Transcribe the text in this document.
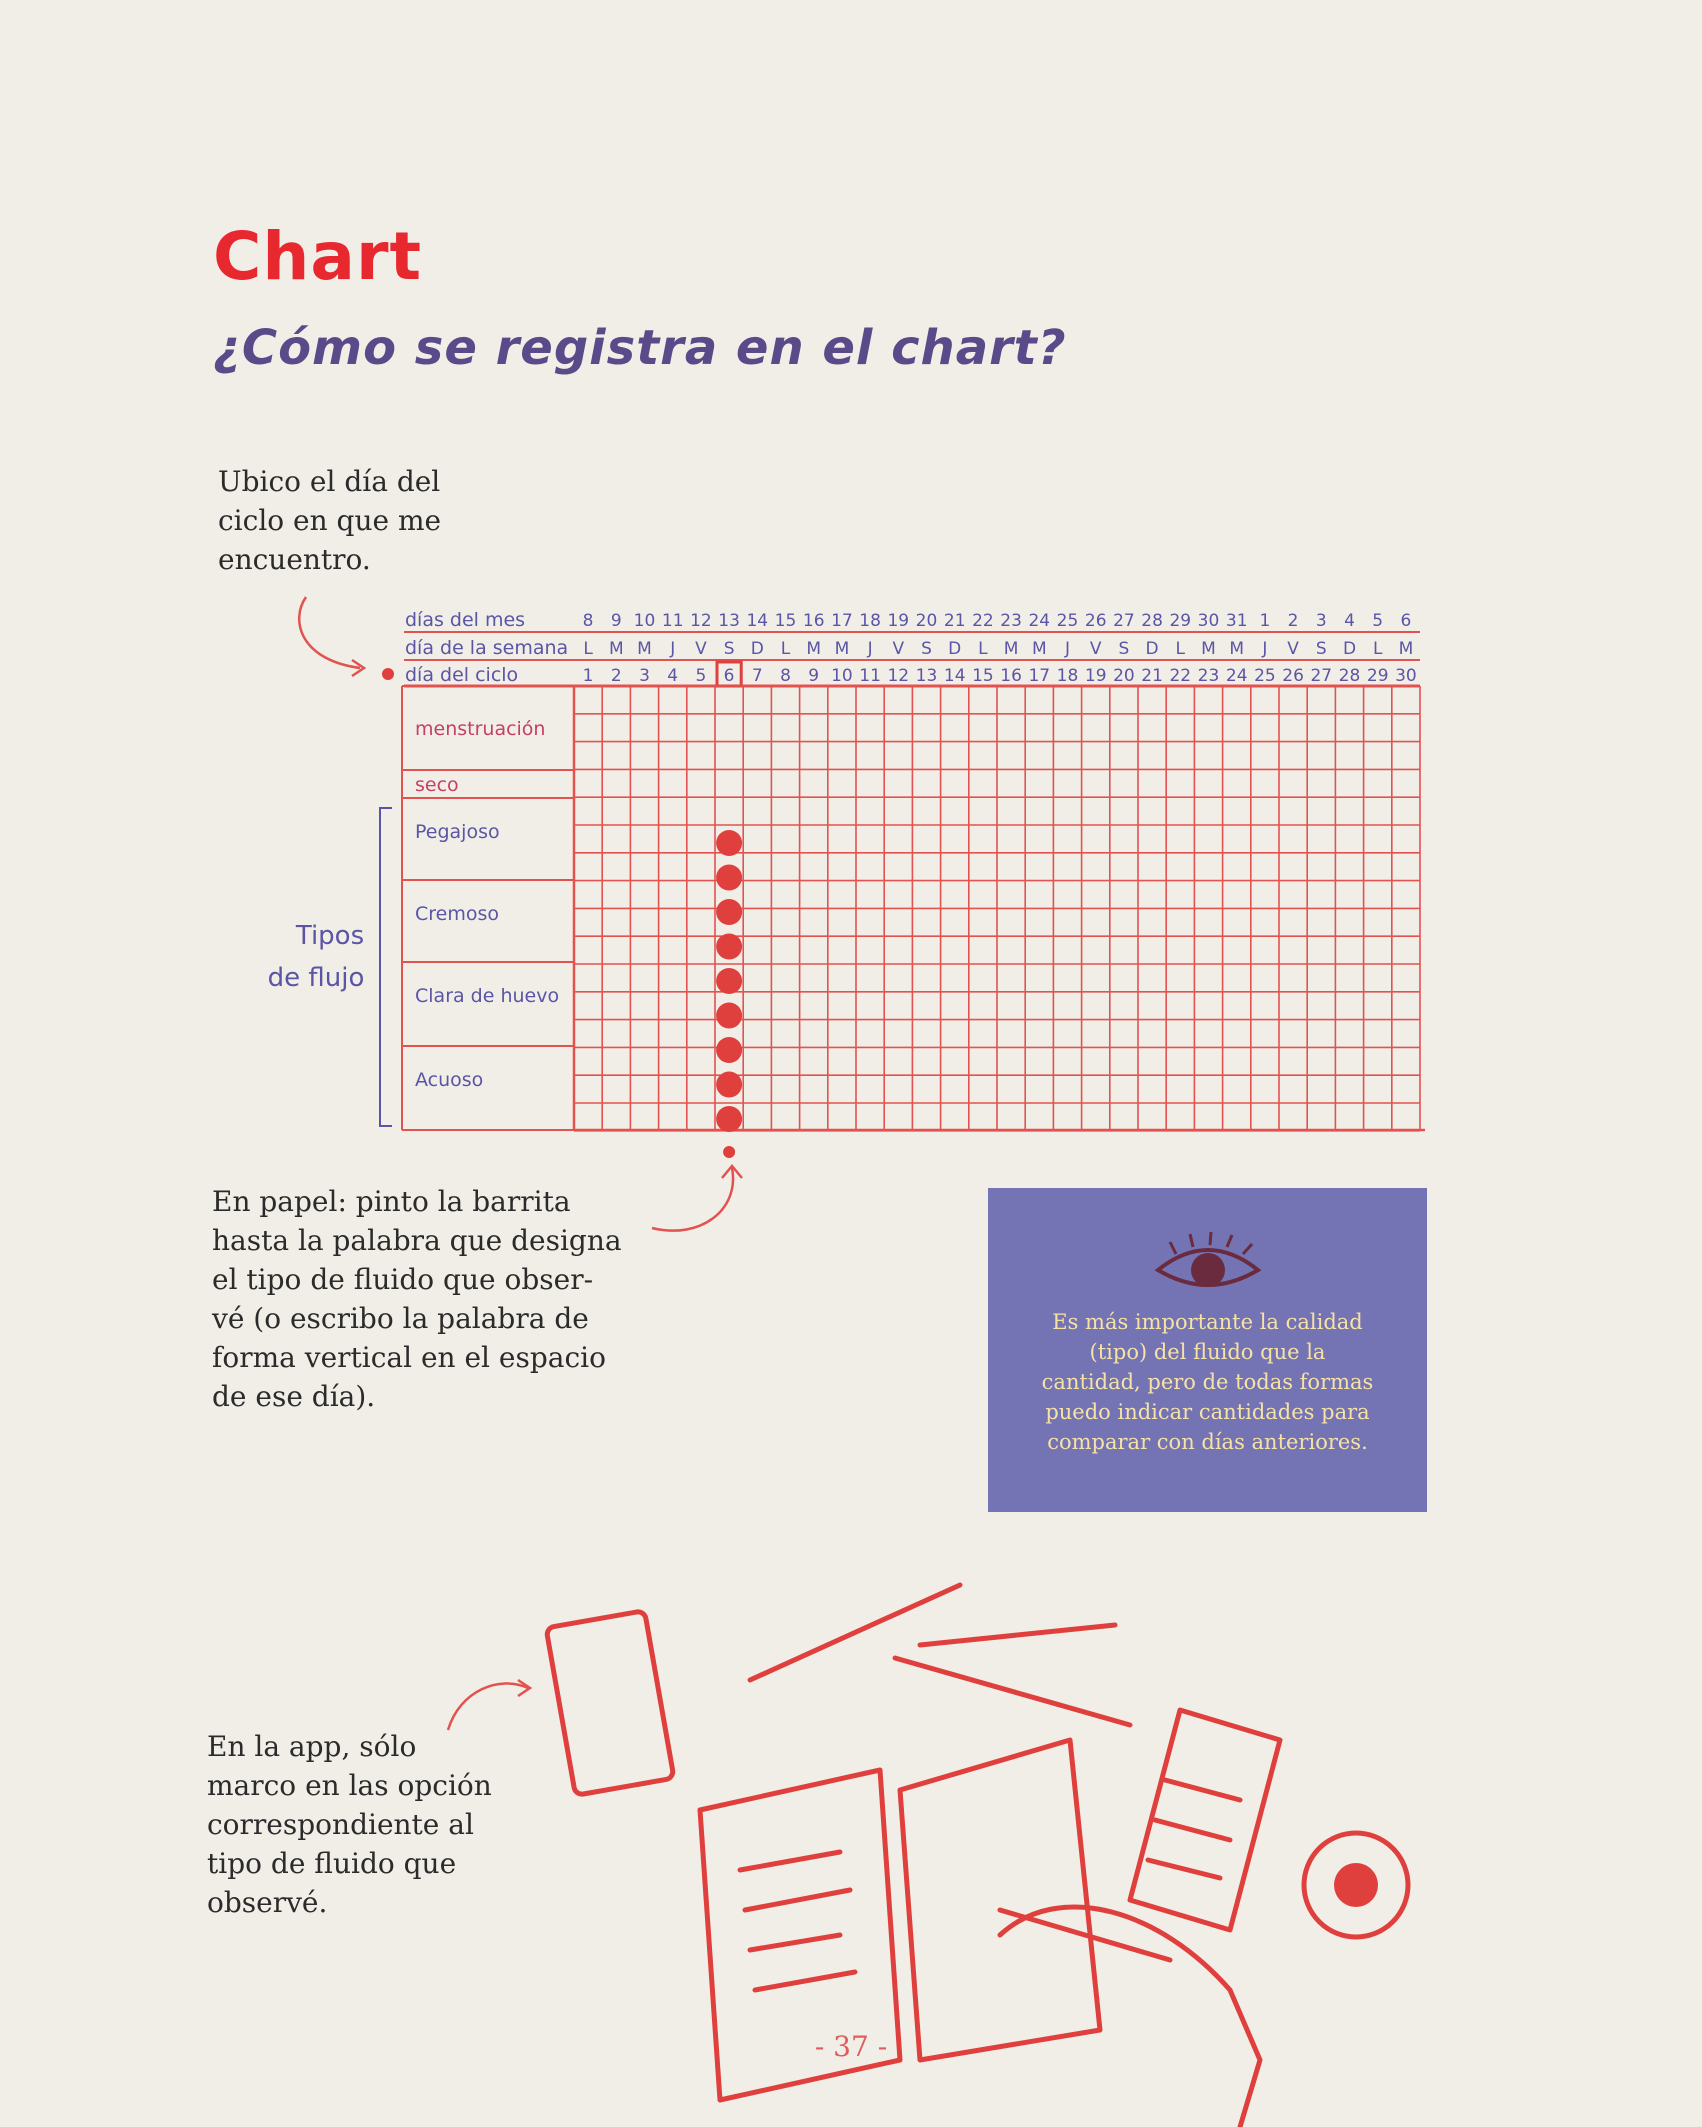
Chart
¿Cómo se registra en el chart?

Ubico el día del
ciclo en que me
encuentro.

En papel: pinto la barrita
hasta la palabra que designa
el tipo de fluido que obser-
vé (o escribo la palabra de
forma vertical en el espacio
de ese día).

En la app, sólo
marco en las opción
correspondiente al
tipo de fluido que
observé.

días del mes
día de la semana
día del ciclo
8 9 10 11 12 13 14 15 16 17 18 19 20 21 22 23 24 25 26 27 28 29 30 31 1 2 3 4 5 6
L M M J V S D L M M J V S D L M M J V S D L M M J V S D L M
1 2 3 4 5 6 7 8 9 10 11 12 13 14 15 16 17 18 19 20 21 22 23 24 25 26 27 28 29 30
menstruación
seco
Pegajoso
Cremoso
Clara de huevo
Acuoso
Tipos
de flujo
Es más importante la calidad
(tipo) del fluido que la
cantidad, pero de todas formas
puedo indicar cantidades para
comparar con días anteriores.
- 37 -
